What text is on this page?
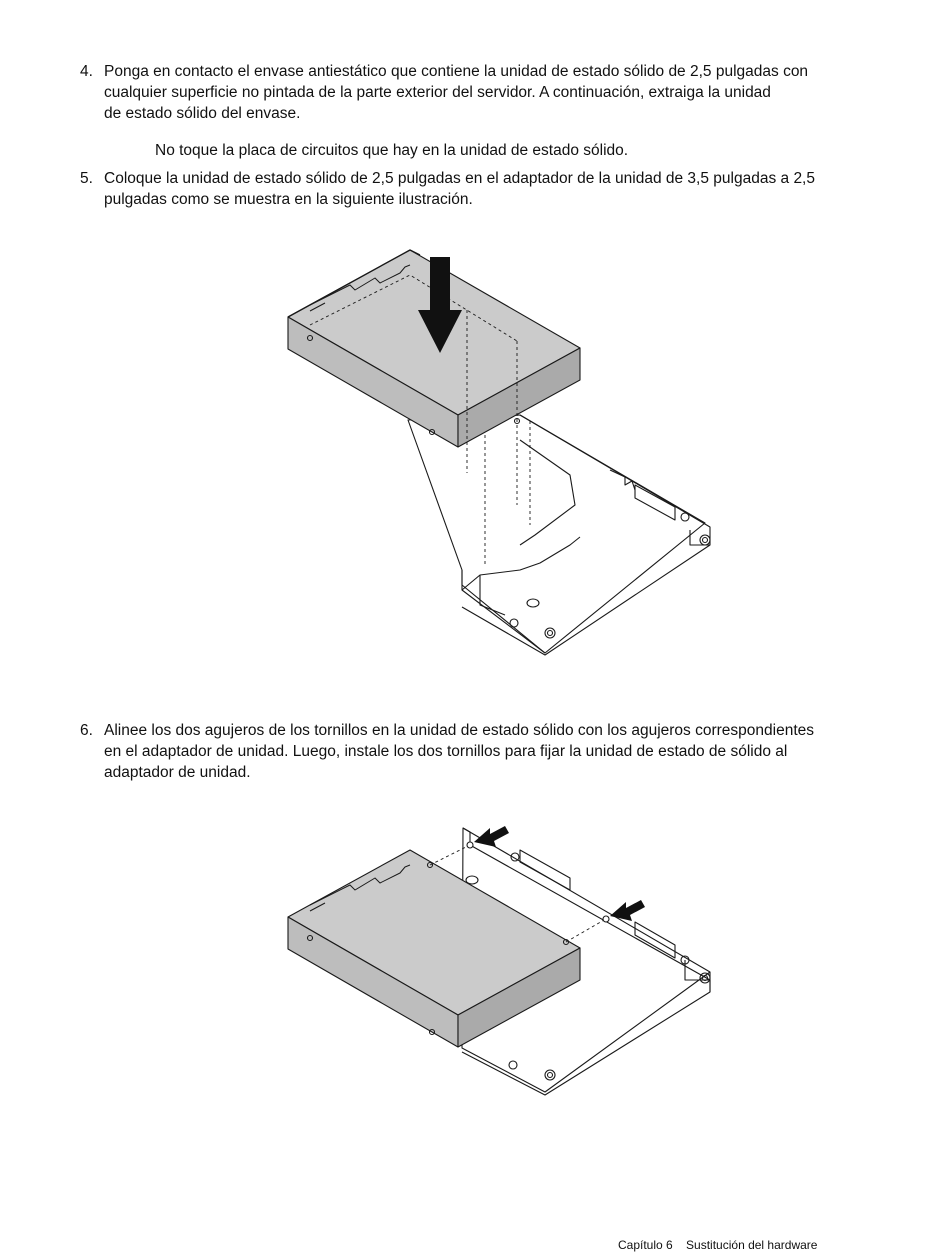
4. Ponga en contacto el envase antiestático que contiene la unidad de estado sólido de 2,5 pulgadas con
cualquier superficie no pintada de la parte exterior del servidor. A continuación, extraiga la unidad
de estado sólido del envase.
No toque la placa de circuitos que hay en la unidad de estado sólido.
5. Coloque la unidad de estado sólido de 2,5 pulgadas en el adaptador de la unidad de 3,5 pulgadas a 2,5
pulgadas como se muestra en la siguiente ilustración.
6. Alinee los dos agujeros de los tornillos en la unidad de estado sólido con los agujeros correspondientes
en el adaptador de unidad. Luego, instale los dos tornillos para fijar la unidad de estado de sólido al
adaptador de unidad.
Capítulo 6 Sustitución del hardware
